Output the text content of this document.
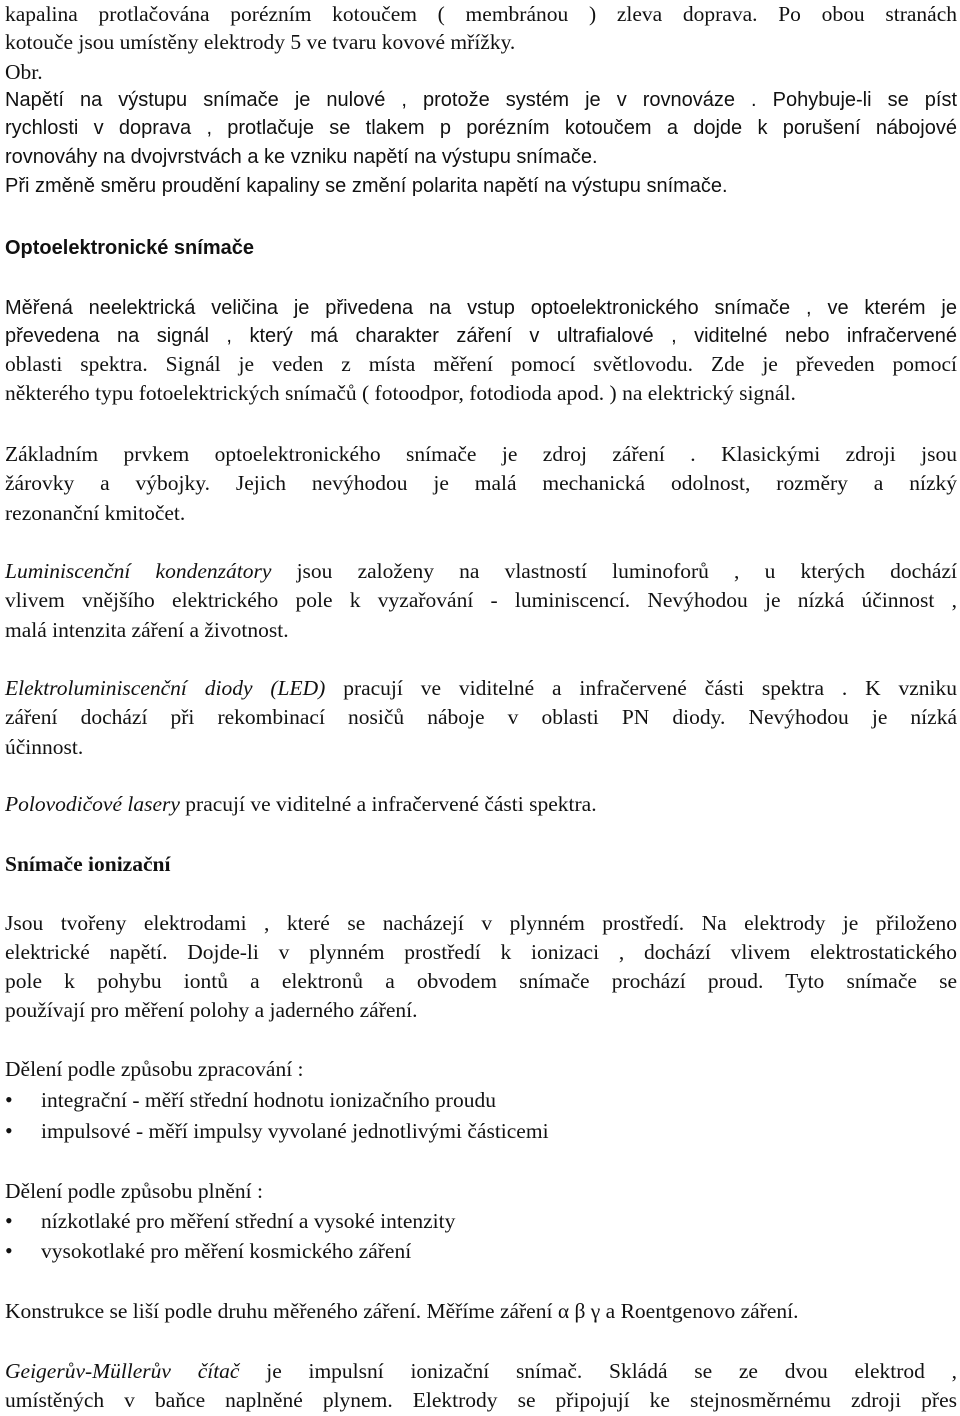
kapalina protlačována porézním kotoučem ( membránou ) zleva doprava. Po obou stranách
kotouče jsou umístěny elektrody 5 ve tvaru kovové mřížky.
Obr.
Napětí na výstupu snímače je nulové , protože systém je v rovnováze . Pohybuje-li se píst
rychlosti v doprava , protlačuje se tlakem p porézním kotoučem a dojde k porušení nábojové
rovnováhy na dvojvrstvách a ke vzniku napětí na výstupu snímače.
Při změně směru proudění kapaliny se změní polarita napětí na výstupu snímače.
Optoelektronické snímače
Měřená neelektrická veličina je přivedena na vstup optoelektronického snímače , ve kterém je
převedena na signál , který má charakter záření v ultrafialové , viditelné nebo infračervené
oblasti spektra. Signál je veden z místa měření pomocí světlovodu. Zde je převeden pomocí
některého typu fotoelektrických snímačů ( fotoodpor, fotodioda apod. ) na elektrický signál.
Základním prvkem optoelektronického snímače je zdroj záření . Klasickými zdroji jsou
žárovky a výbojky. Jejich nevýhodou je malá mechanická odolnost, rozměry a nízký
rezonanční kmitočet.
Luminiscenční kondenzátory jsou založeny na vlastností luminoforů , u kterých dochází
vlivem vnějšího elektrického pole k vyzařování - luminiscencí. Nevýhodou je nízká účinnost ,
malá intenzita záření a životnost.
Elektroluminiscenční diody (LED) pracují ve viditelné a infračervené části spektra . K vzniku
záření dochází při rekombinací nosičů náboje v oblasti PN diody. Nevýhodou je nízká
účinnost.
Polovodičové lasery pracují ve viditelné a infračervené části spektra.
Snímače ionizační
Jsou tvořeny elektrodami , které se nacházejí v plynném prostředí. Na elektrody je přiloženo
elektrické napětí. Dojde-li v plynném prostředí k ionizaci , dochází vlivem elektrostatického
pole k pohybu iontů a elektronů a obvodem snímače prochází proud. Tyto snímače se
používají pro měření polohy a jaderného záření.
Dělení podle způsobu zpracování :
•	integrační - měří střední hodnotu ionizačního proudu
•	impulsové - měří impulsy vyvolané jednotlivými částicemi
Dělení podle způsobu plnění :
•	nízkotlaké pro měření střední a vysoké intenzity
•	vysokotlaké pro měření kosmického záření
Konstrukce se liší podle druhu měřeného záření. Měříme záření α β γ a Roentgenovo záření.
Geigerův-Müllerův čítač je impulsní ionizační snímač. Skládá se ze dvou elektrod ,
umístěných v baňce naplněné plynem. Elektrody se připojují ke stejnosměrnému zdroji přes
